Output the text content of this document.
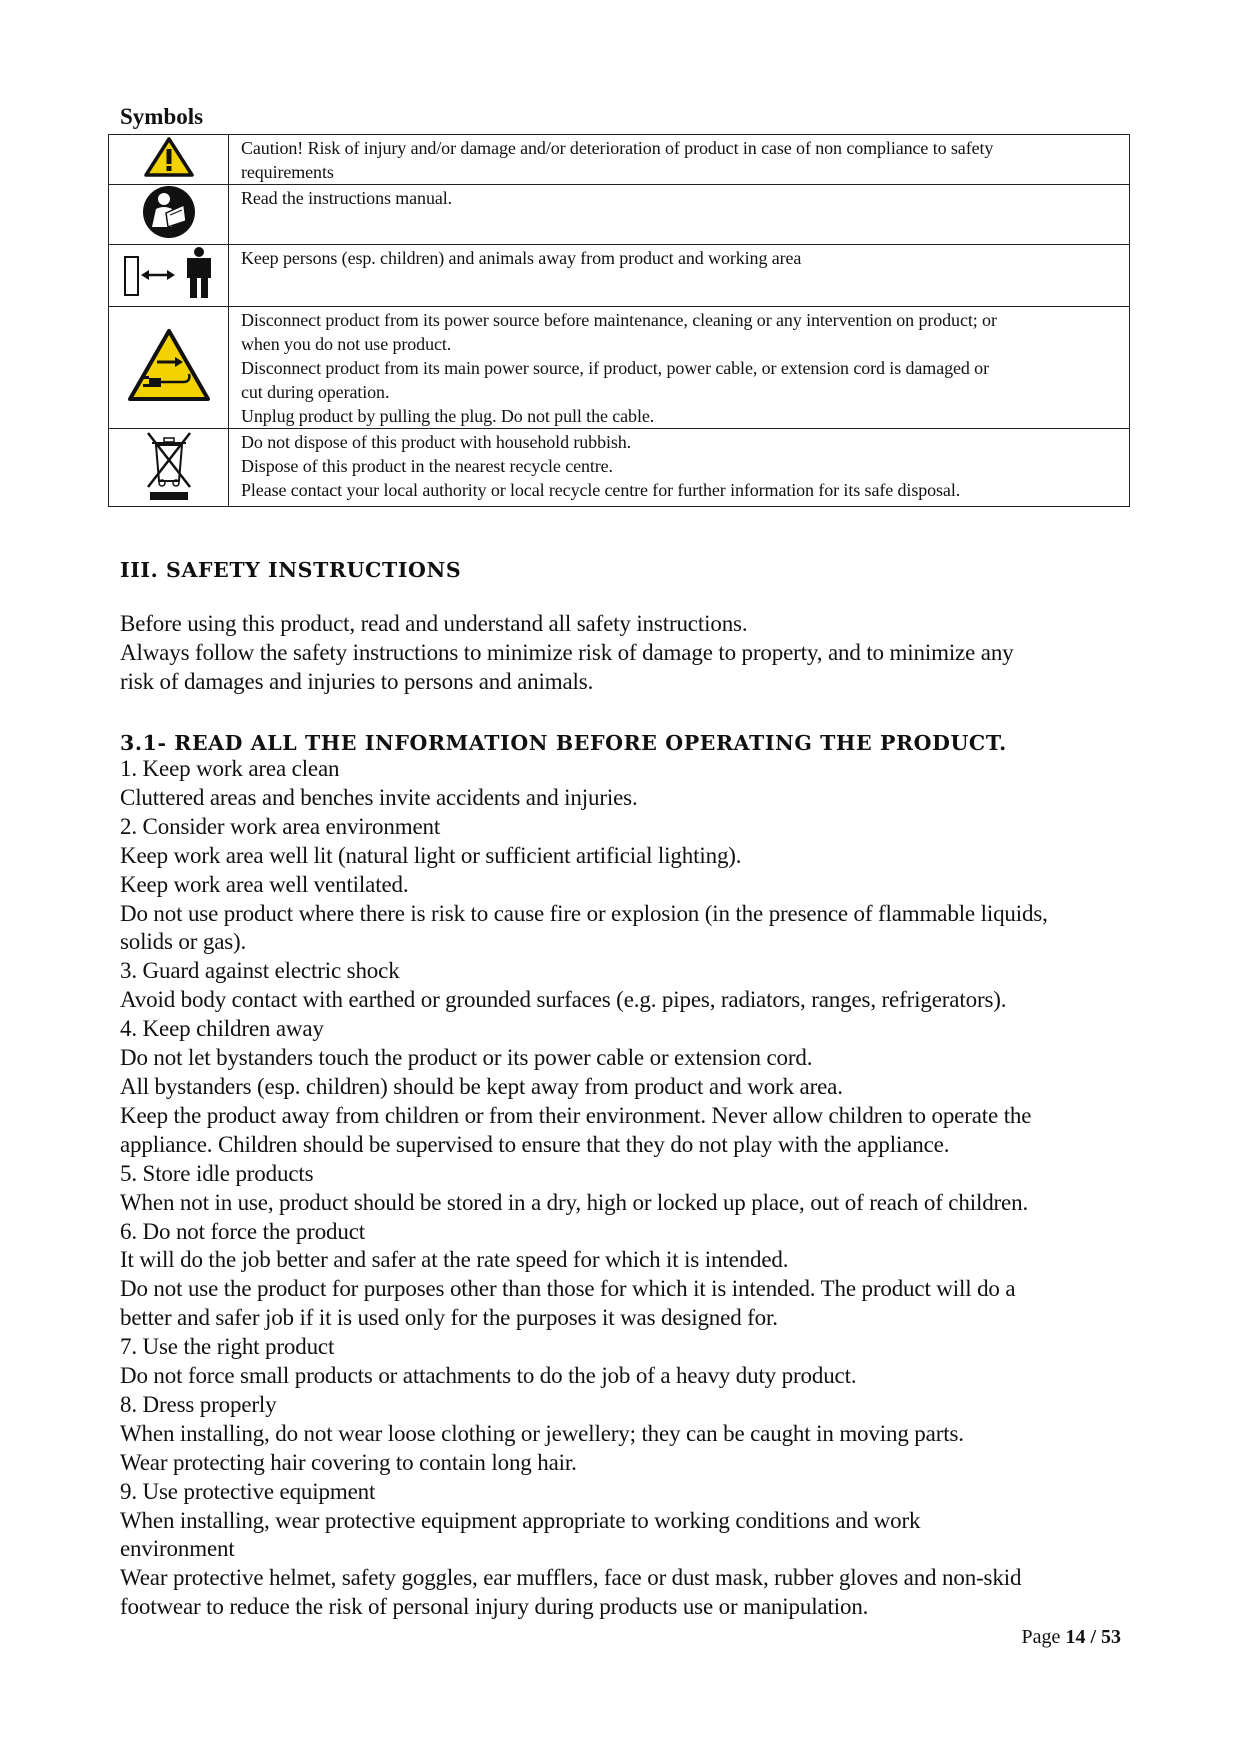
Symbols

Caution! Risk of injury and/or damage and/or deterioration of product in case of non compliance to safety
requirements

Read the instructions manual.

Keep persons (esp. children) and animals away from product and working area

Disconnect product from its power source before maintenance, cleaning or any intervention on product; or
when you do not use product.
Disconnect product from its main power source, if product, power cable, or extension cord is damaged or
cut during operation.
Unplug product by pulling the plug. Do not pull the cable.

Do not dispose of this product with household rubbish.
Dispose of this product in the nearest recycle centre.
Please contact your local authority or local recycle centre for further information for its safe disposal.
III. SAFETY INSTRUCTIONS
Before using this product, read and understand all safety instructions.
Always follow the safety instructions to minimize risk of damage to property, and to minimize any
risk of damages and injuries to persons and animals.
3.1- READ ALL THE INFORMATION BEFORE OPERATING THE PRODUCT.
1. Keep work area clean
Cluttered areas and benches invite accidents and injuries.
2. Consider work area environment
Keep work area well lit (natural light or sufficient artificial lighting).
Keep work area well ventilated.
Do not use product where there is risk to cause fire or explosion (in the presence of flammable liquids,
solids or gas).
3. Guard against electric shock
Avoid body contact with earthed or grounded surfaces (e.g. pipes, radiators, ranges, refrigerators).
4. Keep children away
Do not let bystanders touch the product or its power cable or extension cord.
All bystanders (esp. children) should be kept away from product and work area.
Keep the product away from children or from their environment. Never allow children to operate the
appliance. Children should be supervised to ensure that they do not play with the appliance.
5. Store idle products
When not in use, product should be stored in a dry, high or locked up place, out of reach of children.
6. Do not force the product
It will do the job better and safer at the rate speed for which it is intended.
Do not use the product for purposes other than those for which it is intended. The product will do a
better and safer job if it is used only for the purposes it was designed for.
7. Use the right product
Do not force small products or attachments to do the job of a heavy duty product.
8. Dress properly
When installing, do not wear loose clothing or jewellery; they can be caught in moving parts.
Wear protecting hair covering to contain long hair.
9. Use protective equipment
When installing, wear protective equipment appropriate to working conditions and work
environment
Wear protective helmet, safety goggles, ear mufflers, face or dust mask, rubber gloves and non-skid
footwear to reduce the risk of personal injury during products use or manipulation.
Page 14 / 53
